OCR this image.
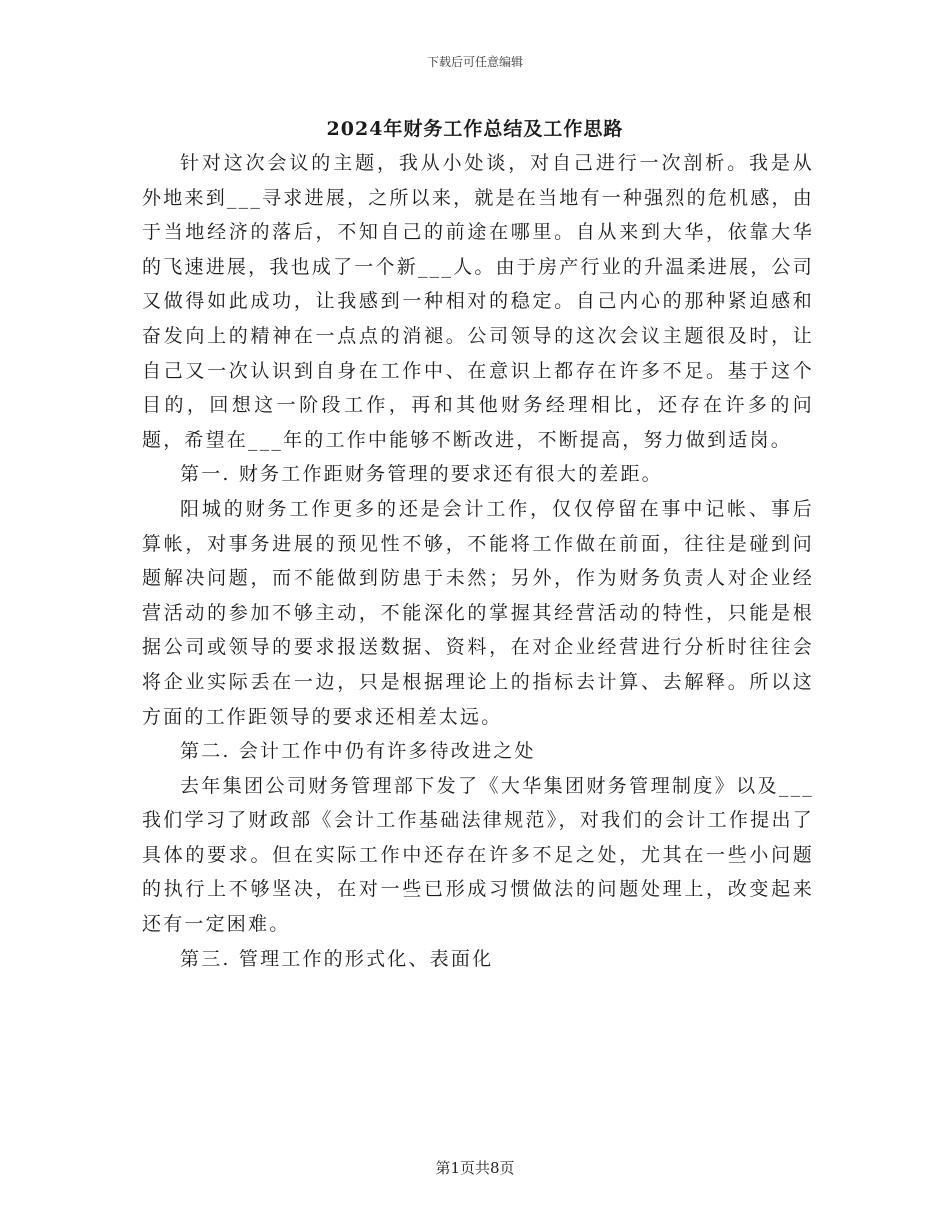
下载后可任意编辑
2024年财务工作总结及工作思路

针对这次会议的主题，我从小处谈，对自己进行一次剖析。我是从外地来到___寻求进展，之所以来，就是在当地有一种强烈的危机感，由于当地经济的落后，不知自己的前途在哪里。自从来到大华，依靠大华的飞速进展，我也成了一个新___人。由于房产行业的升温柔进展，公司又做得如此成功，让我感到一种相对的稳定。自己内心的那种紧迫感和奋发向上的精神在一点点的消褪。公司领导的这次会议主题很及时，让自己又一次认识到自身在工作中、在意识上都存在许多不足。基于这个目的，回想这一阶段工作，再和其他财务经理相比，还存在许多的问题，希望在___年的工作中能够不断改进，不断提高，努力做到适岗。

第一. 财务工作距财务管理的要求还有很大的差距。

阳城的财务工作更多的还是会计工作，仅仅停留在事中记帐、事后算帐，对事务进展的预见性不够，不能将工作做在前面，往往是碰到问题解决问题，而不能做到防患于未然；另外，作为财务负责人对企业经营活动的参加不够主动，不能深化的掌握其经营活动的特性，只能是根据公司或领导的要求报送数据、资料，在对企业经营进行分析时往往会将企业实际丢在一边，只是根据理论上的指标去计算、去解释。所以这方面的工作距领导的要求还相差太远。

第二. 会计工作中仍有许多待改进之处

去年集团公司财务管理部下发了《大华集团财务管理制度》以及___我们学习了财政部《会计工作基础法律规范》，对我们的会计工作提出了具体的要求。但在实际工作中还存在许多不足之处，尤其在一些小问题的执行上不够坚决，在对一些已形成习惯做法的问题处理上，改变起来还有一定困难。

第三. 管理工作的形式化、表面化

第1页共8页
